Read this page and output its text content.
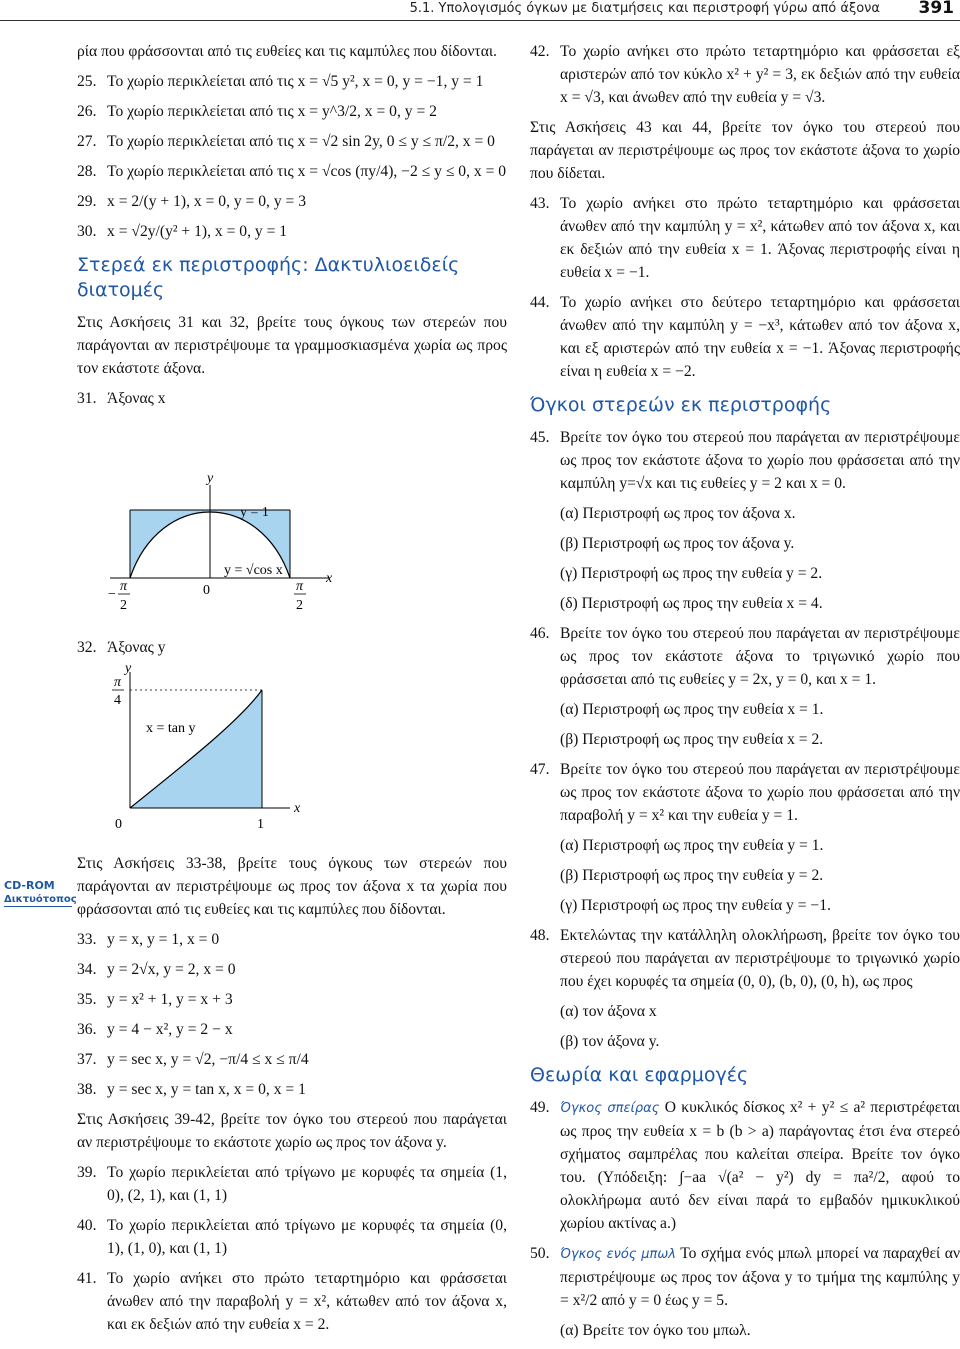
5.1. Υπολογισμός όγκων με διατμήσεις και περιστροφή γύρω από άξονα 391
CD-ROM
Δικτυότοπος

ρία που φράσσονται από τις ευθείες και τις καμπύλες που δίδονται.

25. Το χωρίο περικλείεται από τις x = √5 y², x = 0, y = −1, y = 1
26. Το χωρίο περικλείεται από τις x = y^3/2, x = 0, y = 2
27. Το χωρίο περικλείεται από τις x = √2 sin 2y, 0 ≤ y ≤ π/2, x = 0
28. Το χωρίο περικλείεται από τις x = √cos (πy/4), −2 ≤ y ≤ 0, x = 0
29. x = 2/(y + 1), x = 0, y = 0, y = 3
30. x = √2y/(y² + 1), x = 0, y = 1
Στερεά εκ περιστροφής: Δακτυλιοειδείς διατομές

Στις Ασκήσεις 31 και 32, βρείτε τους όγκους των στερεών που παράγονται αν περιστρέψουμε τα γραμμοσκιασμένα χωρία ως προς τον εκάστοτε άξονα.

31. Άξονας x
y
x
y = 1
y = √cos x
0
−
π
2
π
2
32. Άξονας y
y
x
π
4
x = tan y
0	1

Στις Ασκήσεις 33-38, βρείτε τους όγκους των στερεών που παράγονται αν περιστρέψουμε ως προς τον άξονα x τα χωρία που φράσσονται από τις ευθείες και τις καμπύλες που δίδονται.

33. y = x, y = 1, x = 0
34. y = 2√x, y = 2, x = 0
35. y = x² + 1, y = x + 3
36. y = 4 − x², y = 2 − x
37. y = sec x, y = √2, −π/4 ≤ x ≤ π/4
38. y = sec x, y = tan x, x = 0, x = 1

Στις Ασκήσεις 39-42, βρείτε τον όγκο του στερεού που παράγεται αν περιστρέψουμε το εκάστοτε χωρίο ως προς τον άξονα y.

39. Το χωρίο περικλείεται από τρίγωνο με κορυφές τα σημεία (1, 0), (2, 1), και (1, 1)
40. Το χωρίο περικλείεται από τρίγωνο με κορυφές τα σημεία (0, 1), (1, 0), και (1, 1)
41. Το χωρίο ανήκει στο πρώτο τεταρτημόριο και φράσσεται άνωθεν από την παραβολή y = x², κάτωθεν από τον άξονα x, και εκ δεξιών από την ευθεία x = 2.
42. Το χωρίο ανήκει στο πρώτο τεταρτημόριο και φράσσεται εξ αριστερών από τον κύκλο x² + y² = 3, εκ δεξιών από την ευθεία x = √3, και άνωθεν από την ευθεία y = √3.

Στις Ασκήσεις 43 και 44, βρείτε τον όγκο του στερεού που παράγεται αν περιστρέψουμε ως προς τον εκάστοτε άξονα το χωρίο που δίδεται.

43. Το χωρίο ανήκει στο πρώτο τεταρτημόριο και φράσσεται άνωθεν από την καμπύλη y = x², κάτωθεν από τον άξονα x, και εκ δεξιών από την ευθεία x = 1. Άξονας περιστροφής είναι η ευθεία x = −1.
44. Το χωρίο ανήκει στο δεύτερο τεταρτημόριο και φράσσεται άνωθεν από την καμπύλη y = −x³, κάτωθεν από τον άξονα x, και εξ αριστερών από την ευθεία x = −1. Άξονας περιστροφής είναι η ευθεία x = −2.
Όγκοι στερεών εκ περιστροφής
45. Βρείτε τον όγκο του στερεού που παράγεται αν περιστρέψουμε ως προς τον εκάστοτε άξονα το χωρίο που φράσσεται από την καμπύλη y=√x και τις ευθείες y = 2 και x = 0.

(α) Περιστροφή ως προς τον άξονα x.

(β) Περιστροφή ως προς τον άξονα y.

(γ) Περιστροφή ως προς την ευθεία y = 2.

(δ) Περιστροφή ως προς την ευθεία x = 4.

46. Βρείτε τον όγκο του στερεού που παράγεται αν περιστρέψουμε ως προς τον εκάστοτε άξονα το τριγωνικό χωρίο που φράσσεται από τις ευθείες y = 2x, y = 0, και x = 1.

(α) Περιστροφή ως προς την ευθεία x = 1.

(β) Περιστροφή ως προς την ευθεία x = 2.

47. Βρείτε τον όγκο του στερεού που παράγεται αν περιστρέψουμε ως προς τον εκάστοτε άξονα το χωρίο που φράσσεται από την παραβολή y = x² και την ευθεία y = 1.

(α) Περιστροφή ως προς την ευθεία y = 1.

(β) Περιστροφή ως προς την ευθεία y = 2.

(γ) Περιστροφή ως προς την ευθεία y = −1.

48. Εκτελώντας την κατάλληλη ολοκλήρωση, βρείτε τον όγκο του στερεού που παράγεται αν περιστρέψουμε το τριγωνικό χωρίο που έχει κορυφές τα σημεία (0, 0), (b, 0), (0, h), ως προς

(α) τον άξονα x

(β) τον άξονα y.

Θεωρία και εφαρμογές
49. Όγκος σπείρας Ο κυκλικός δίσκος x² + y² ≤ a² περιστρέφεται ως προς την ευθεία x = b (b > a) παράγοντας έτσι ένα στερεό σχήματος σαμπρέλας που καλείται σπείρα. Βρείτε τον όγκο του. (Υπόδειξη: ∫−aa √(a² − y²) dy = πa²/2, αφού το ολοκλήρωμα αυτό δεν είναι παρά το εμβαδόν ημικυκλικού χωρίου ακτίνας a.)
50. Όγκος ενός μπωλ Το σχήμα ενός μπωλ μπορεί να παραχθεί αν περιστρέψουμε ως προς τον άξονα y το τμήμα της καμπύλης y = x²/2 από y = 0 έως y = 5.

(α) Βρείτε τον όγκο του μπωλ.
